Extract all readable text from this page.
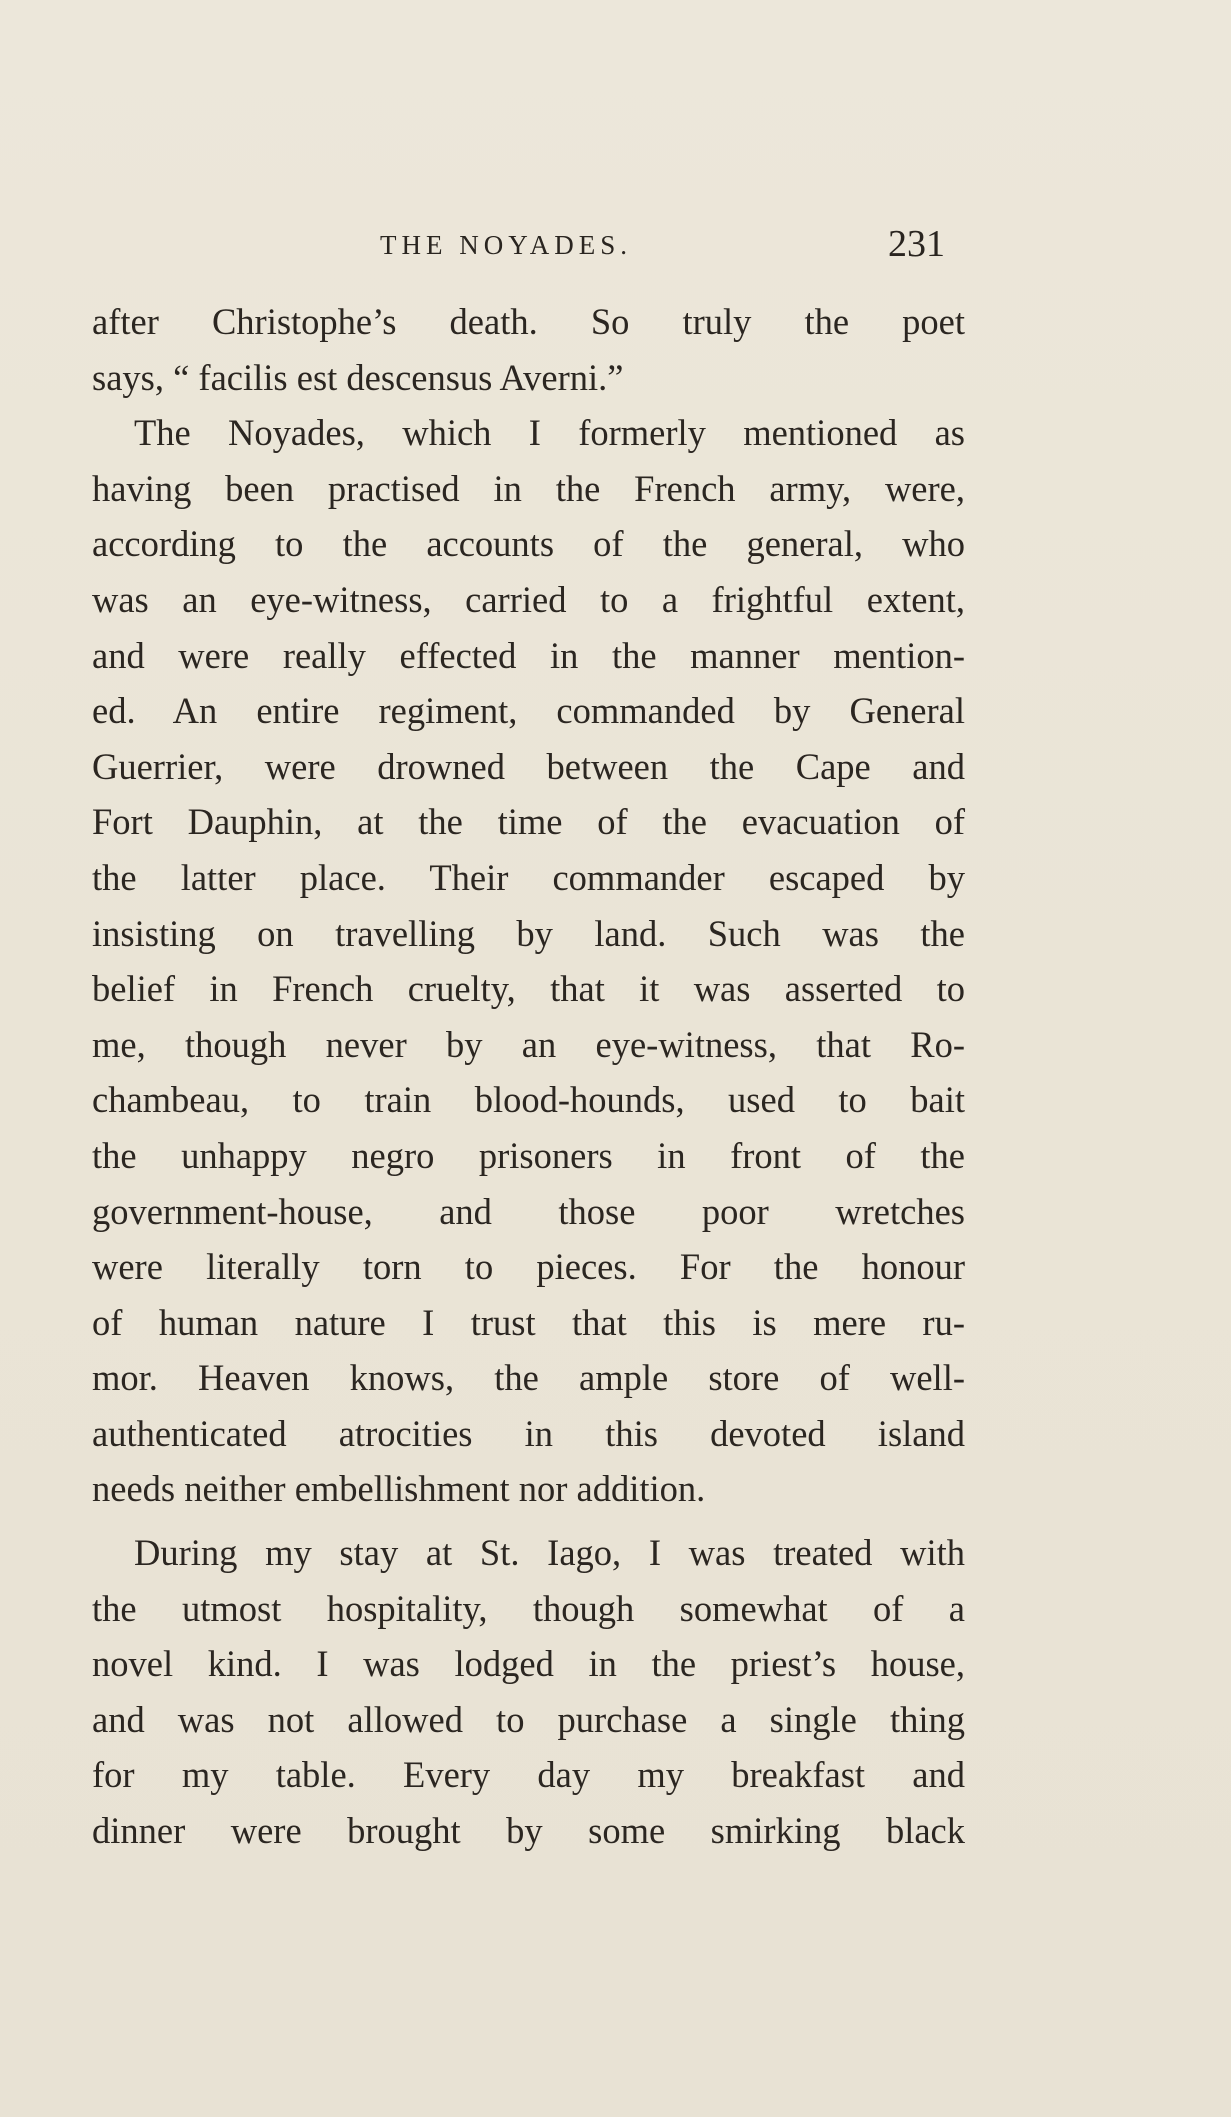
THE NOYADES.	231
after Christophe’s death. So truly the poet
says, “ facilis est descensus Averni.”
The Noyades, which I formerly mentioned as
having been practised in the French army, were,
according to the accounts of the general, who
was an eye-witness, carried to a frightful extent,
and were really effected in the manner mention-
ed. An entire regiment, commanded by General
Guerrier, were drowned between the Cape and
Fort Dauphin, at the time of the evacuation of
the latter place. Their commander escaped by
insisting on travelling by land. Such was the
belief in French cruelty, that it was asserted to
me, though never by an eye-witness, that Ro-
chambeau, to train blood-hounds, used to bait
the unhappy negro prisoners in front of the
government-house, and those poor wretches
were literally torn to pieces. For the honour
of human nature I trust that this is mere ru-
mor. Heaven knows, the ample store of well-
authenticated atrocities in this devoted island
needs neither embellishment nor addition.
During my stay at St. Iago, I was treated with
the utmost hospitality, though somewhat of a
novel kind. I was lodged in the priest’s house,
and was not allowed to purchase a single thing
for my table. Every day my breakfast and
dinner were brought by some smirking black
